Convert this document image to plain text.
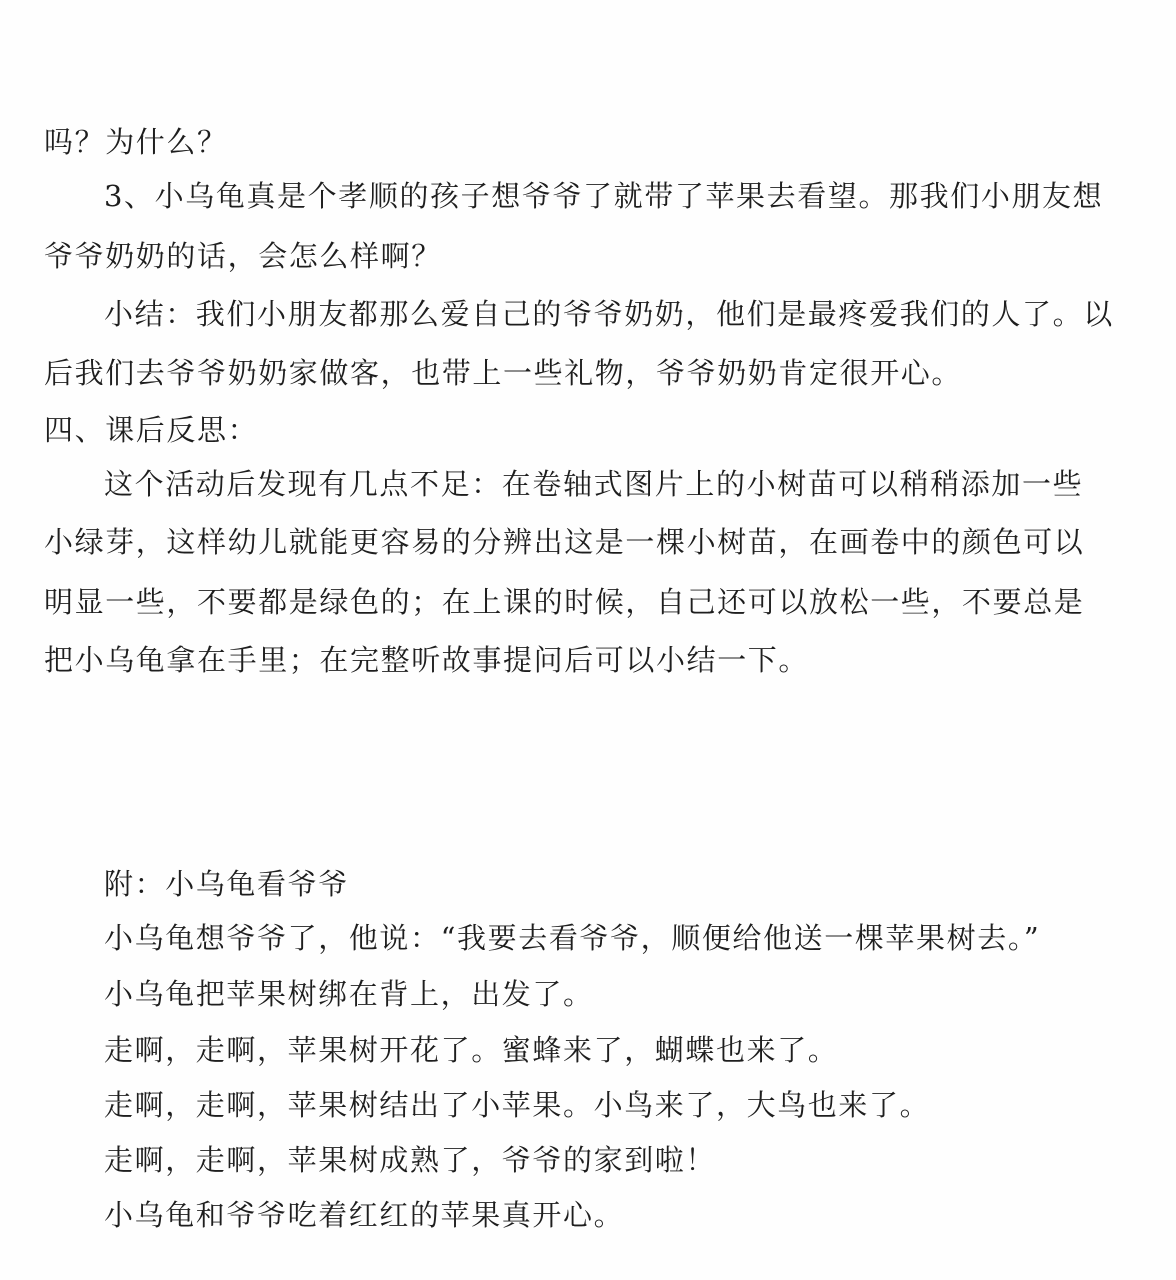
吗？为什么？
3、小乌龟真是个孝顺的孩子想爷爷了就带了苹果去看望。那我们小朋友想
爷爷奶奶的话，会怎么样啊？
小结：我们小朋友都那么爱自己的爷爷奶奶，他们是最疼爱我们的人了。以
后我们去爷爷奶奶家做客，也带上一些礼物，爷爷奶奶肯定很开心。
四、课后反思：
这个活动后发现有几点不足：在卷轴式图片上的小树苗可以稍稍添加一些
小绿芽，这样幼儿就能更容易的分辨出这是一棵小树苗，在画卷中的颜色可以
明显一些，不要都是绿色的；在上课的时候，自己还可以放松一些，不要总是
把小乌龟拿在手里；在完整听故事提问后可以小结一下。
附：小乌龟看爷爷
小乌龟想爷爷了，他说：“我要去看爷爷，顺便给他送一棵苹果树去。”
小乌龟把苹果树绑在背上，出发了。
走啊，走啊，苹果树开花了。蜜蜂来了，蝴蝶也来了。
走啊，走啊，苹果树结出了小苹果。小鸟来了，大鸟也来了。
走啊，走啊，苹果树成熟了，爷爷的家到啦！
小乌龟和爷爷吃着红红的苹果真开心。
